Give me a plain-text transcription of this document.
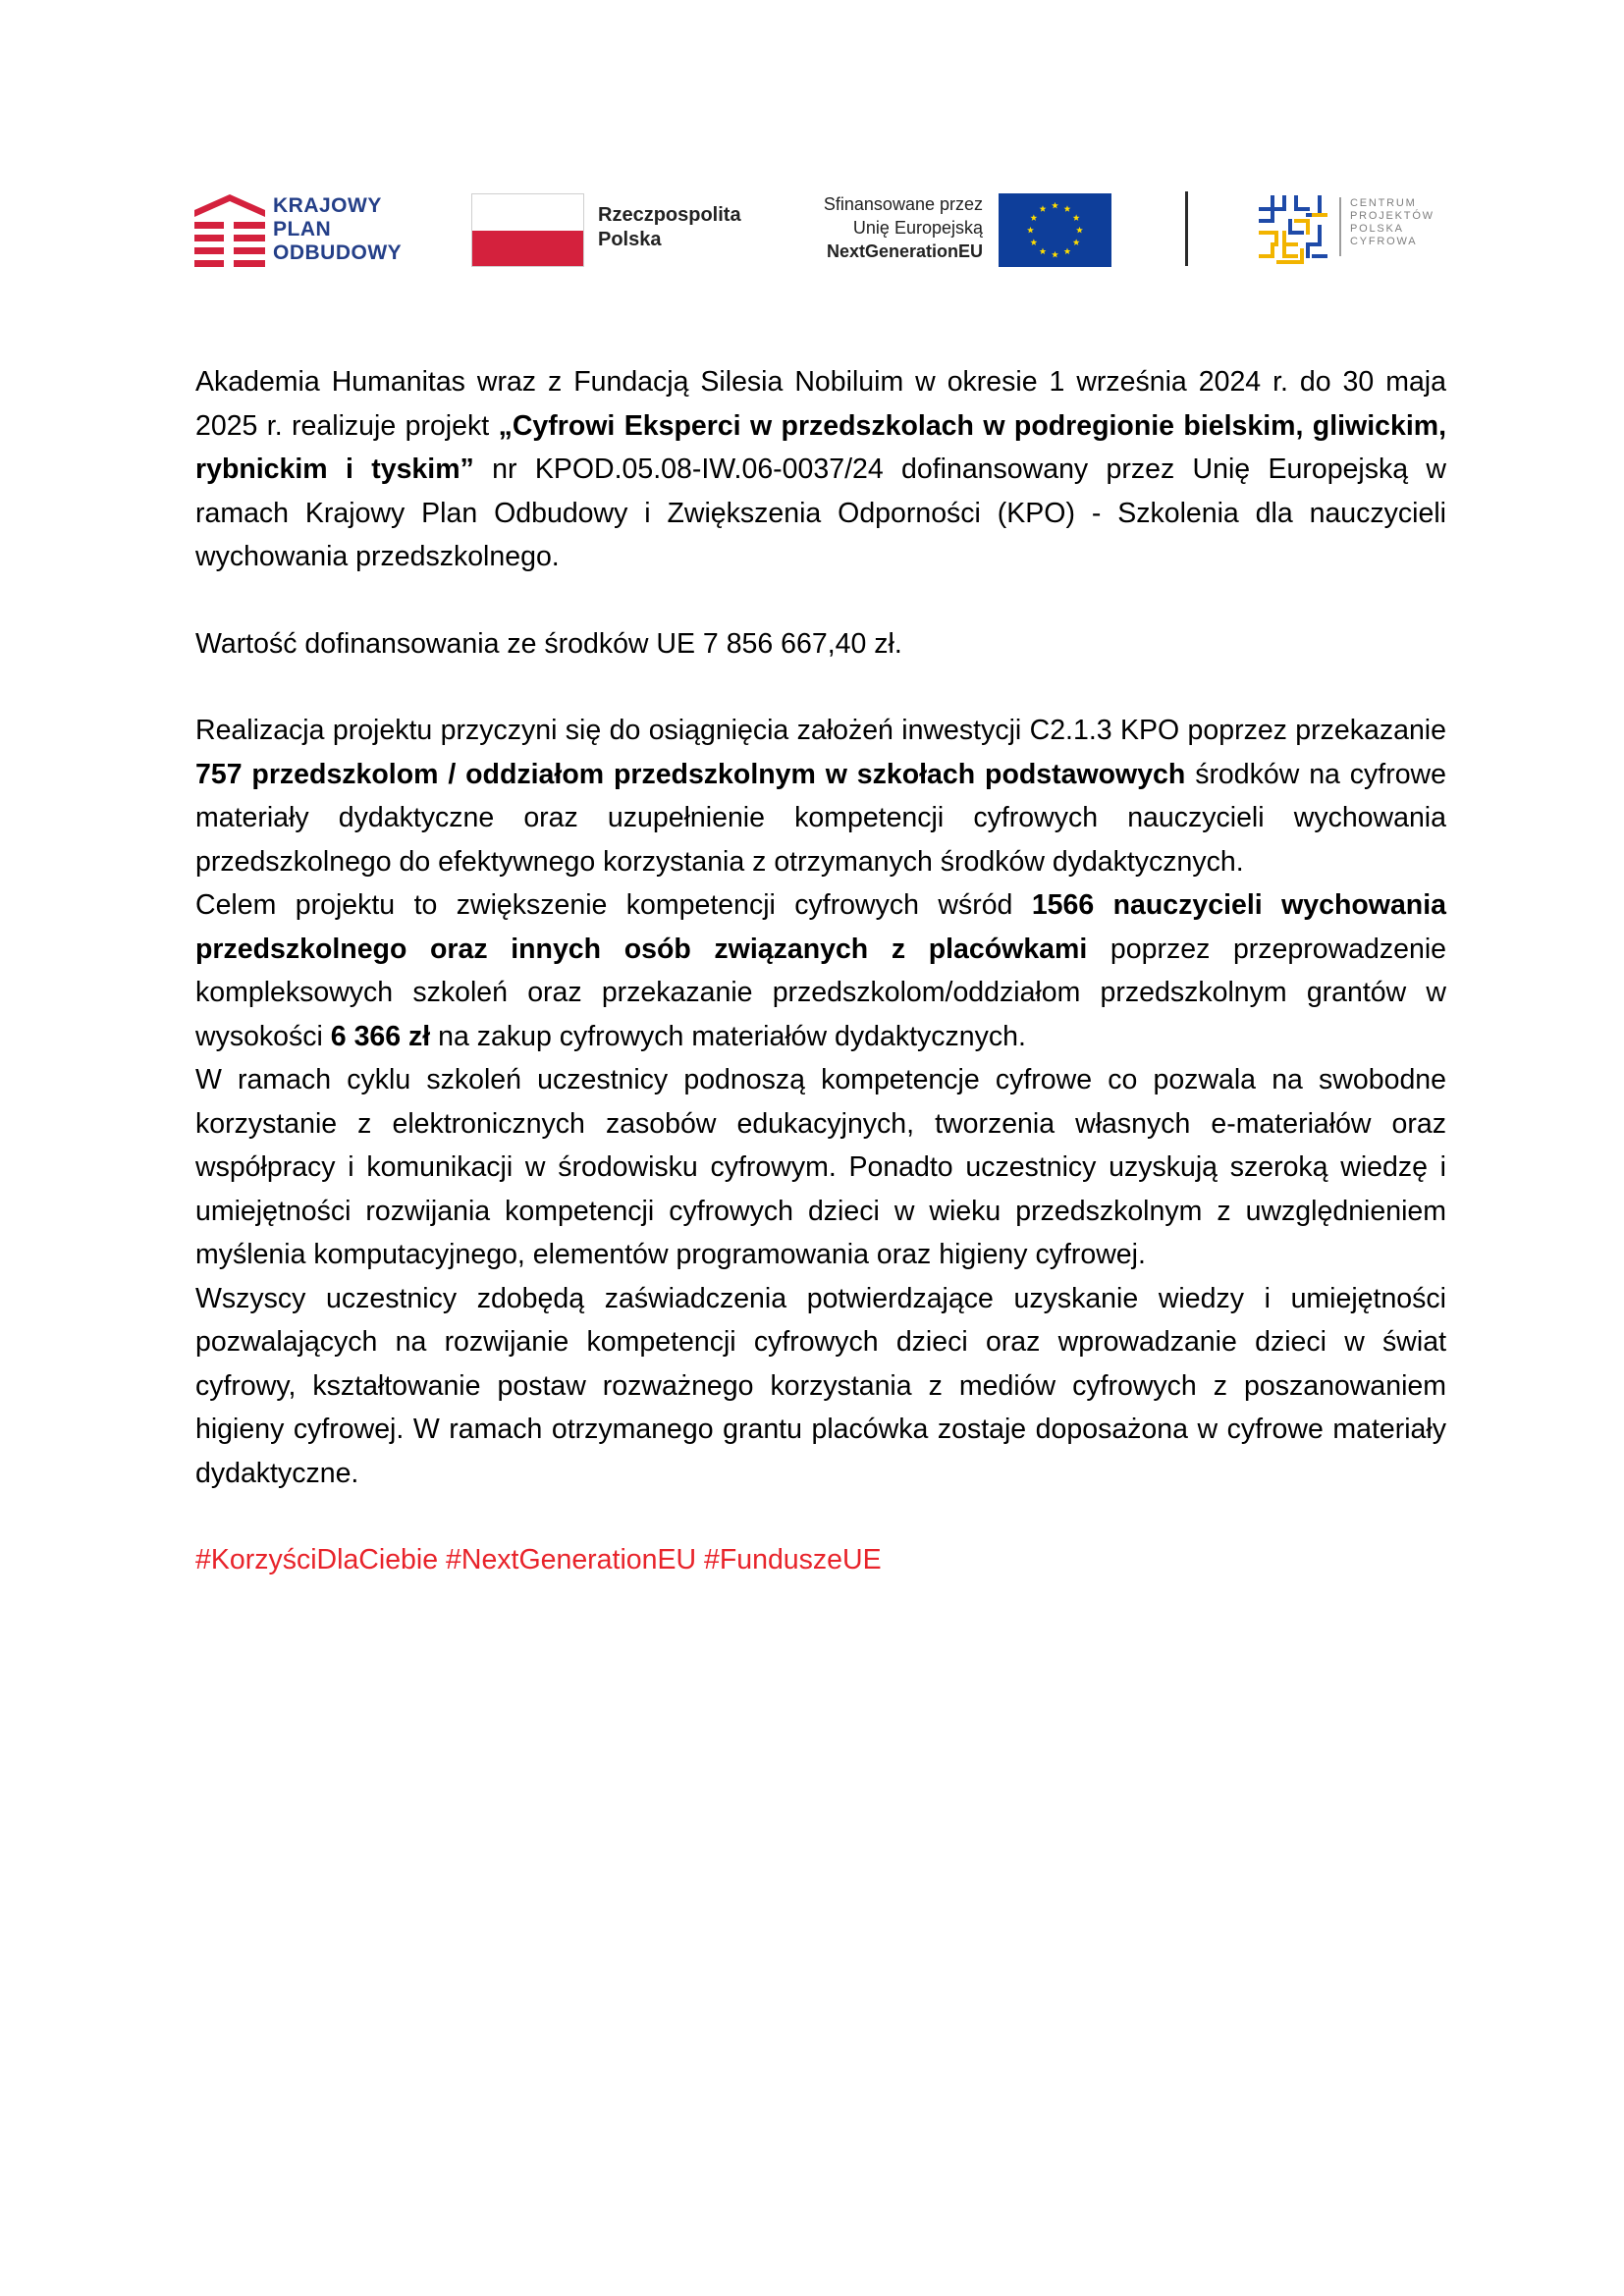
KRAJOWY
PLAN
ODBUDOWY
Rzeczpospolita
Polska
Sfinansowane przez
Unię Europejską
NextGenerationEU
CENTRUM
PROJEKTÓW
POLSKA
CYFROWA

Akademia Humanitas wraz z Fundacją Silesia Nobiluim w okresie 1 września 2024 r. do 30 maja 2025 r. realizuje projekt „Cyfrowi Eksperci w przedszkolach w podregionie bielskim, gliwickim, rybnickim i tyskim” nr KPOD.05.08-IW.06-0037/24 dofinansowany przez Unię Europejską w ramach Krajowy Plan Odbudowy i Zwiększenia Odporności (KPO) - Szkolenia dla nauczycieli wychowania przedszkolnego.

Wartość dofinansowania ze środków UE 7 856 667,40 zł.

Realizacja projektu przyczyni się do osiągnięcia założeń inwestycji C2.1.3 KPO poprzez przekazanie 757 przedszkolom / oddziałom przedszkolnym w szkołach podstawowych środków na cyfrowe materiały dydaktyczne oraz uzupełnienie kompetencji cyfrowych nauczycieli wychowania przedszkolnego do efektywnego korzystania z otrzymanych środków dydaktycznych.

Celem projektu to zwiększenie kompetencji cyfrowych wśród 1566 nauczycieli wychowania przedszkolnego oraz innych osób związanych z placówkami poprzez przeprowadzenie kompleksowych szkoleń oraz przekazanie przedszkolom/oddziałom przedszkolnym grantów w wysokości 6 366 zł na zakup cyfrowych materiałów dydaktycznych.

W ramach cyklu szkoleń uczestnicy podnoszą kompetencje cyfrowe co pozwala na swobodne korzystanie z elektronicznych zasobów edukacyjnych, tworzenia własnych e-materiałów oraz współpracy i komunikacji w środowisku cyfrowym. Ponadto uczestnicy uzyskują szeroką wiedzę i umiejętności rozwijania kompetencji cyfrowych dzieci w wieku przedszkolnym z uwzględnieniem myślenia komputacyjnego, elementów programowania oraz higieny cyfrowej.

Wszyscy uczestnicy zdobędą zaświadczenia potwierdzające uzyskanie wiedzy i umiejętności pozwalających na rozwijanie kompetencji cyfrowych dzieci oraz wprowadzanie dzieci w świat cyfrowy, kształtowanie postaw rozważnego korzystania z mediów cyfrowych z poszanowaniem higieny cyfrowej. W ramach otrzymanego grantu placówka zostaje doposażona w cyfrowe materiały dydaktyczne.

#KorzyściDlaCiebie #NextGenerationEU #FunduszeUE
